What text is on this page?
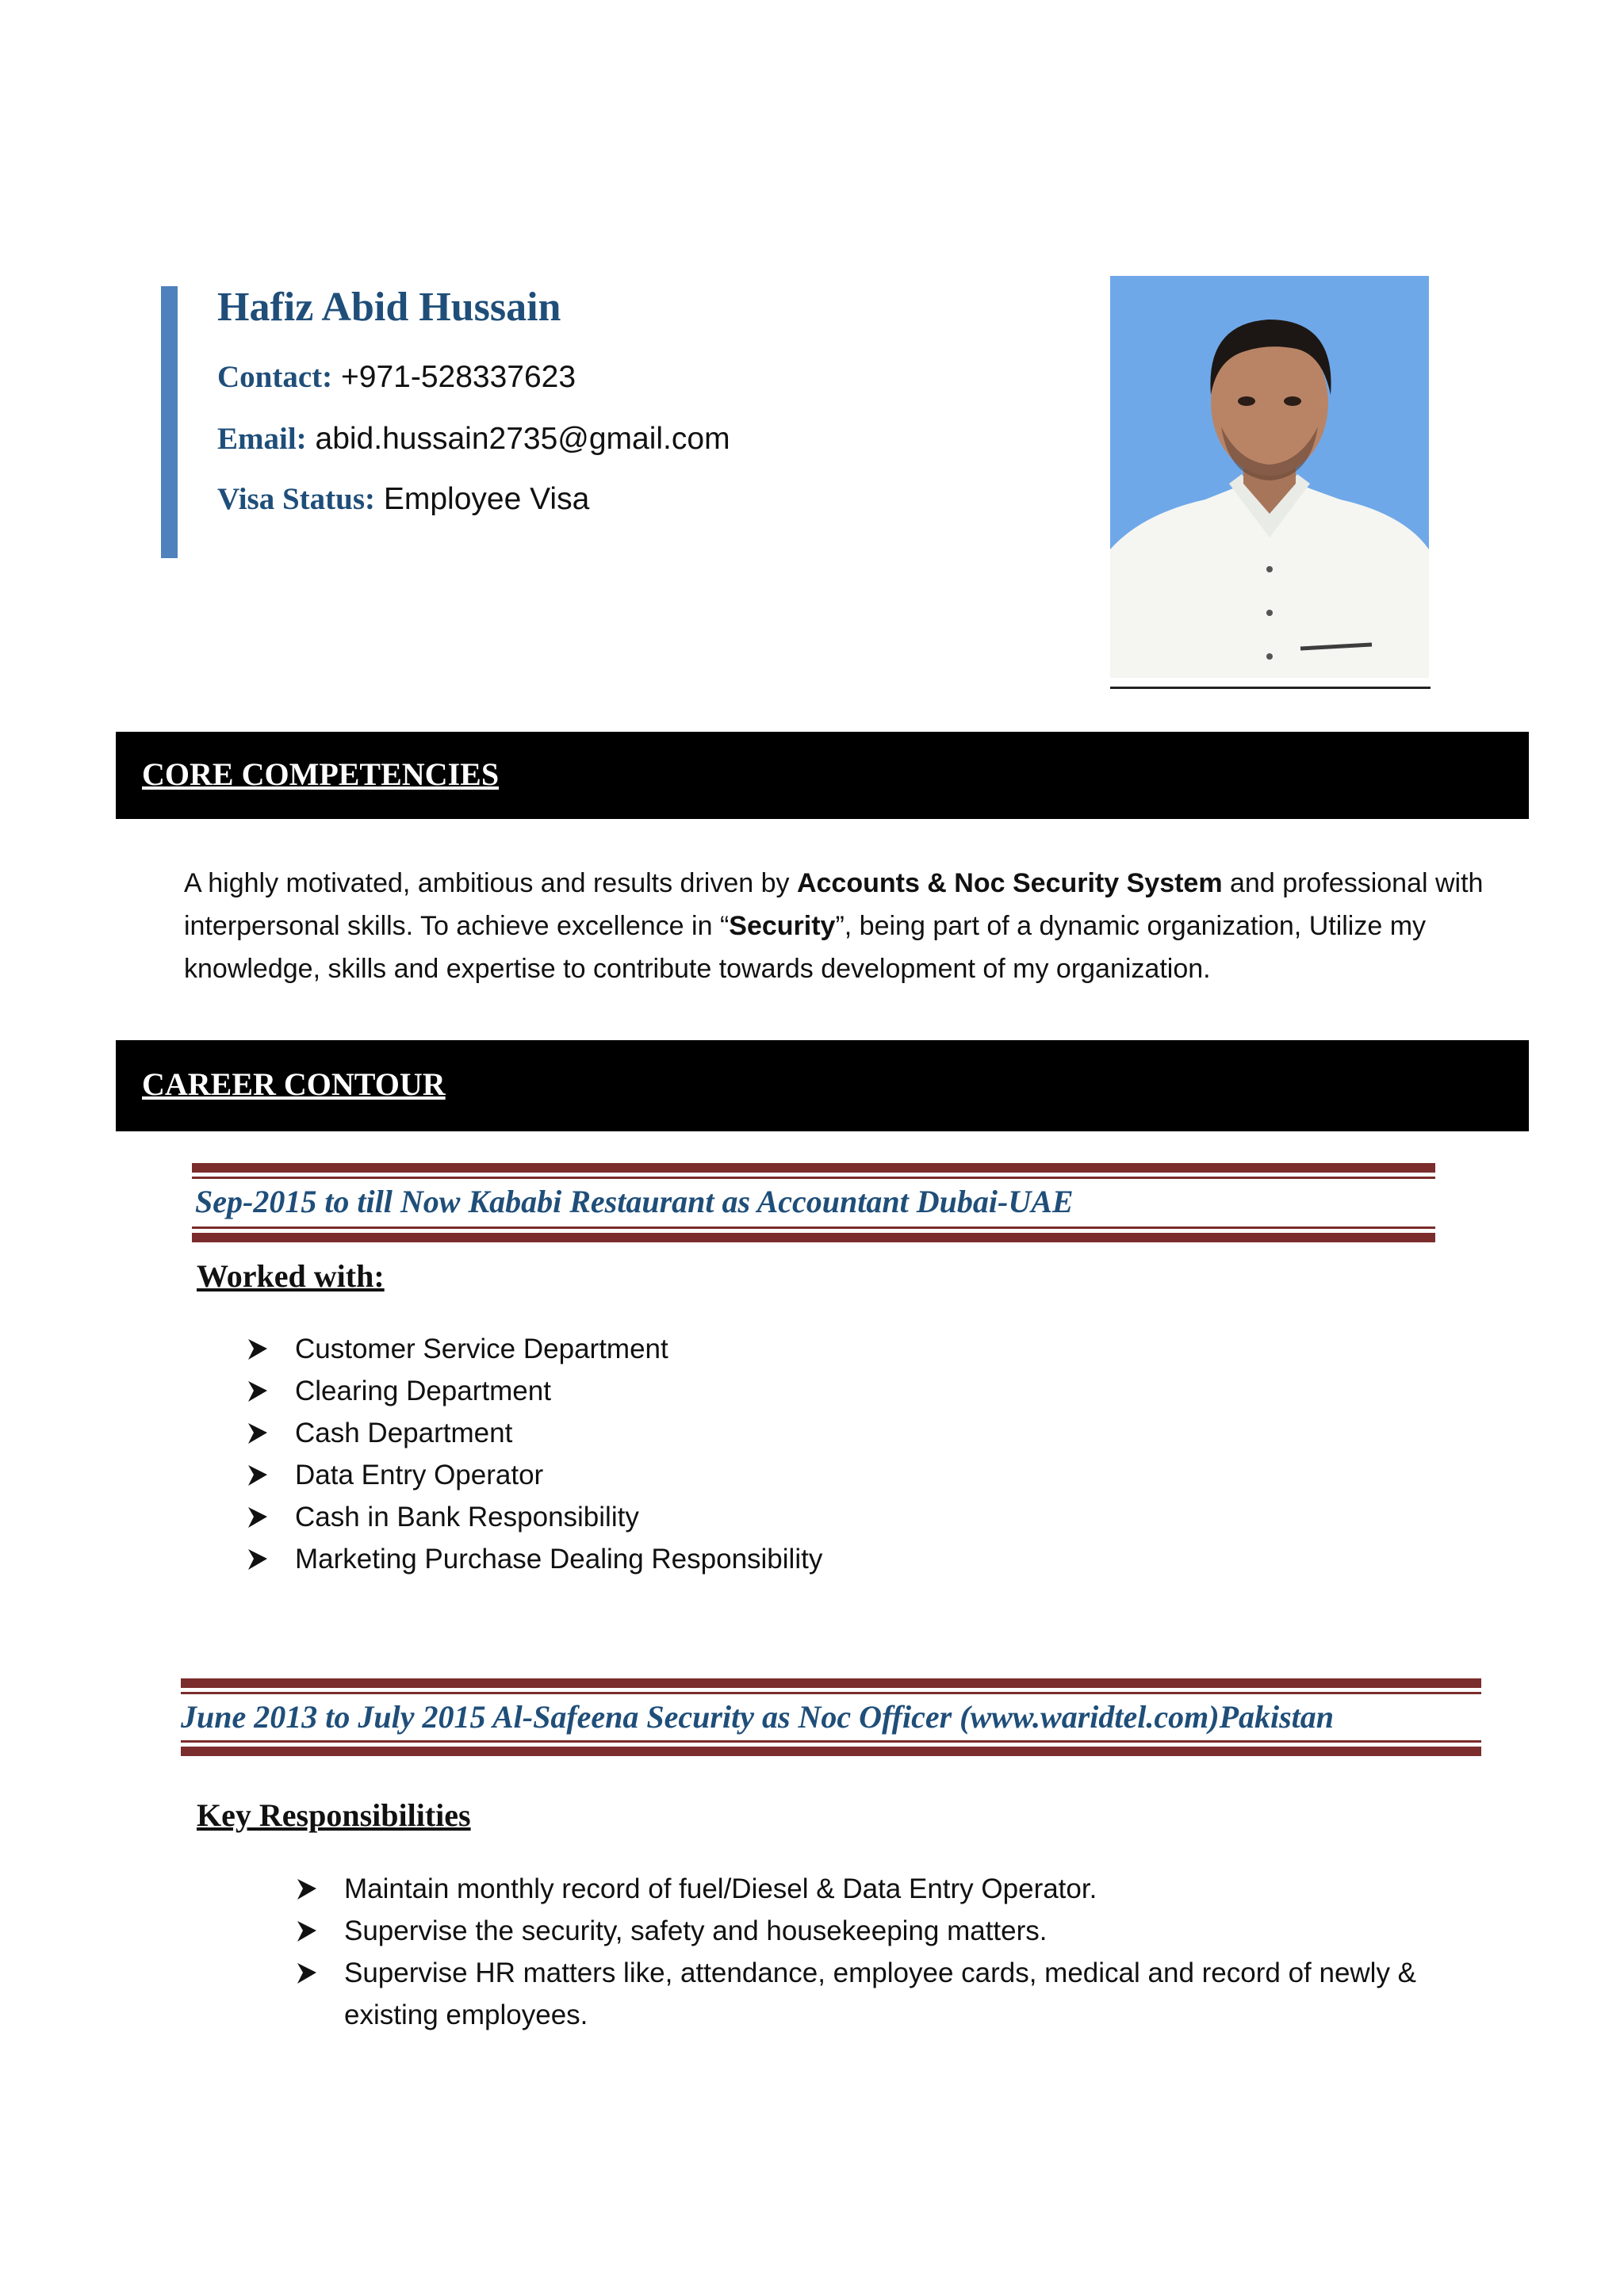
Hafiz Abid Hussain
Contact: +971-528337623
Email: abid.hussain2735@gmail.com
Visa Status: Employee Visa
CORE COMPETENCIES
A highly motivated, ambitious and results driven by Accounts & Noc Security System and professional with
interpersonal skills. To achieve excellence in “Security”, being part of a dynamic organization, Utilize my
knowledge, skills and expertise to contribute towards development of my organization.
CAREER CONTOUR
Sep-2015 to till Now Kababi Restaurant as Accountant Dubai-UAE
Worked with:
Customer Service Department
Clearing Department
Cash Department
Data Entry Operator
Cash in Bank Responsibility
Marketing Purchase Dealing Responsibility
June 2013 to July 2015 Al-Safeena Security as Noc Officer (www.waridtel.com)Pakistan
Key Responsibilities
Maintain monthly record of fuel/Diesel & Data Entry Operator.
Supervise the security, safety and housekeeping matters.
Supervise HR matters like, attendance, employee cards, medical and record of newly &
existing employees.
